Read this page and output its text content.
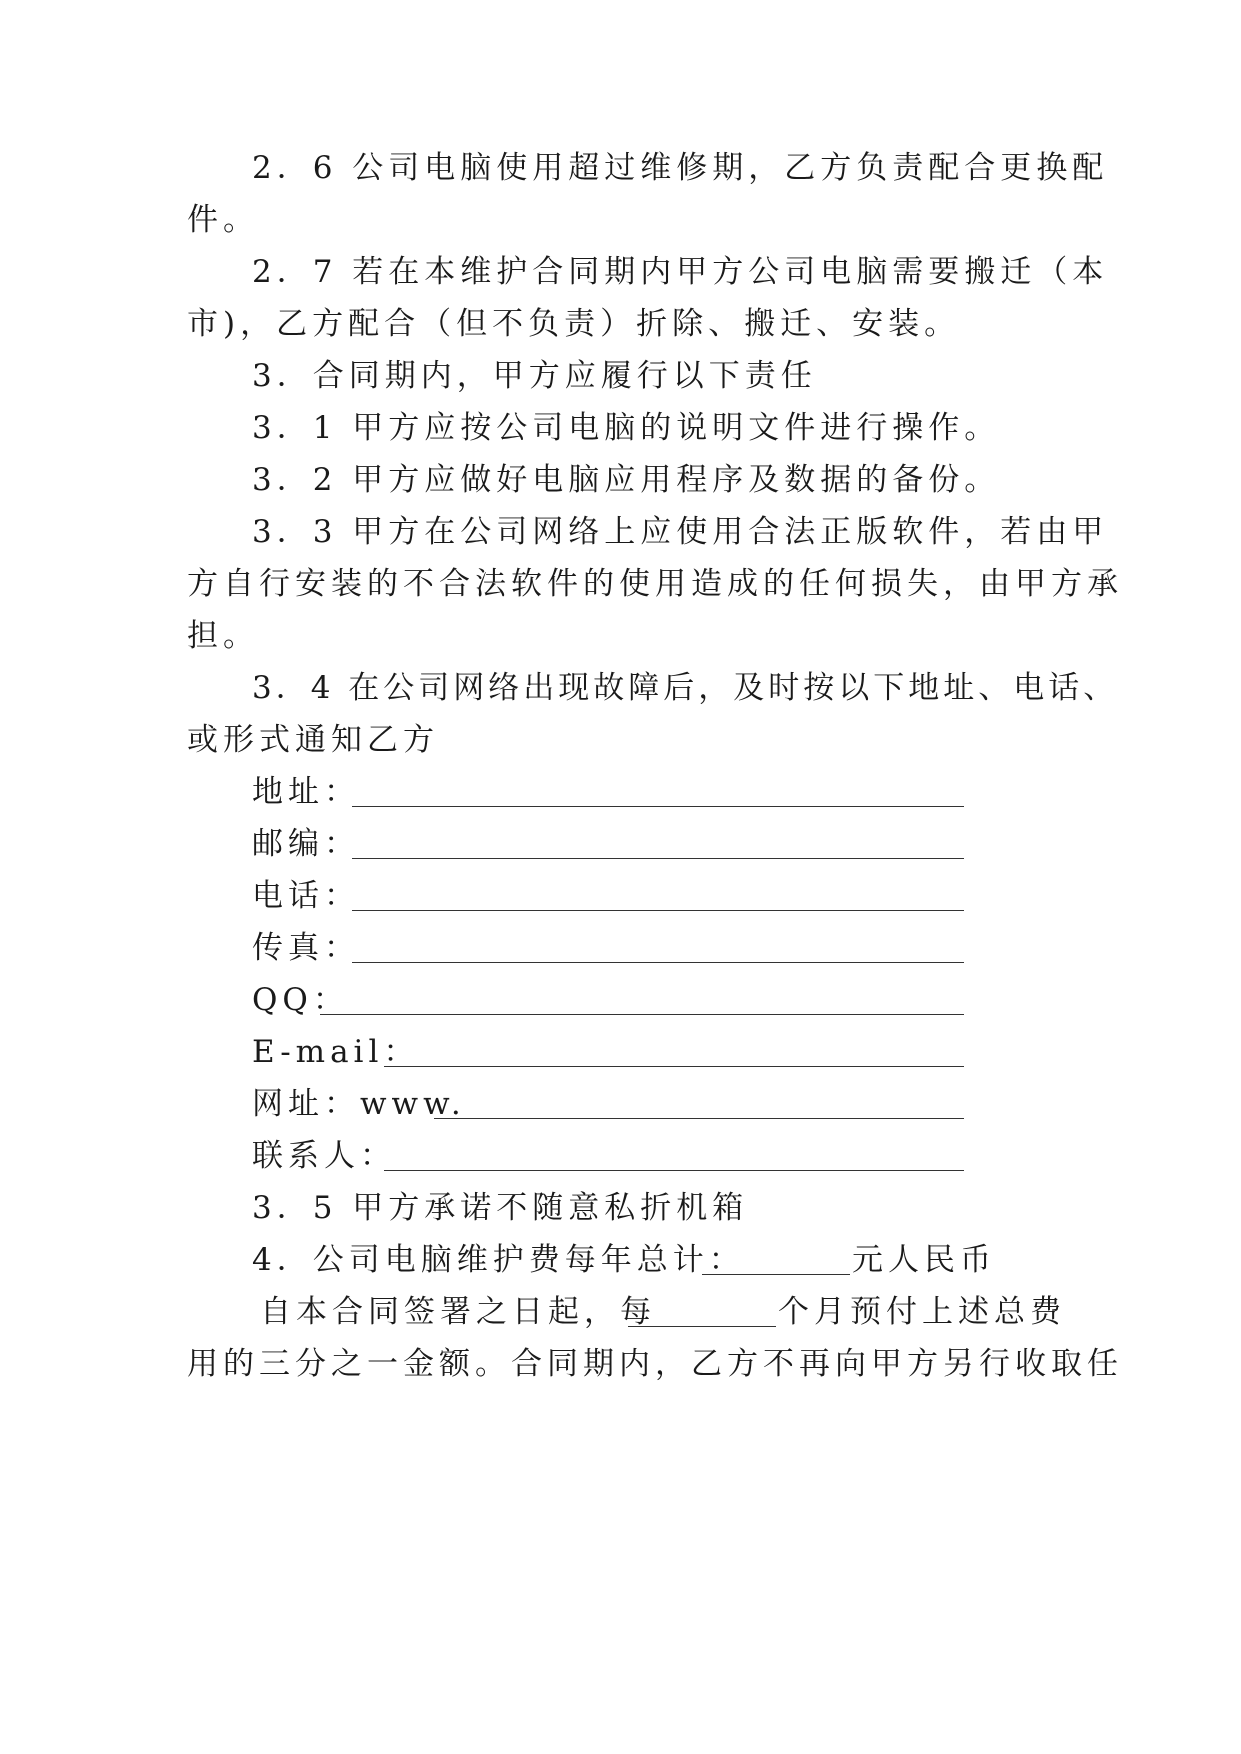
2．6 公司电脑使用超过维修期，乙方负责配合更换配
件。
2．7 若在本维护合同期内甲方公司电脑需要搬迁（本
市)，乙方配合（但不负责）折除、搬迁、安装。
3．合同期内，甲方应履行以下责任
3．1 甲方应按公司电脑的说明文件进行操作。
3．2 甲方应做好电脑应用程序及数据的备份。
3．3 甲方在公司网络上应使用合法正版软件，若由甲
方自行安装的不合法软件的使用造成的任何损失，由甲方承
担。
3．4 在公司网络出现故障后，及时按以下地址、电话、
或形式通知乙方
地址：
邮编：
电话：
传真：
QQ：
E-mail：
网址：www.
联系人：
3．5 甲方承诺不随意私折机箱
4．公司电脑维护费每年总计：	元人民币
自本合同签署之日起，每	个月预付上述总费
用的三分之一金额。合同期内，乙方不再向甲方另行收取任
